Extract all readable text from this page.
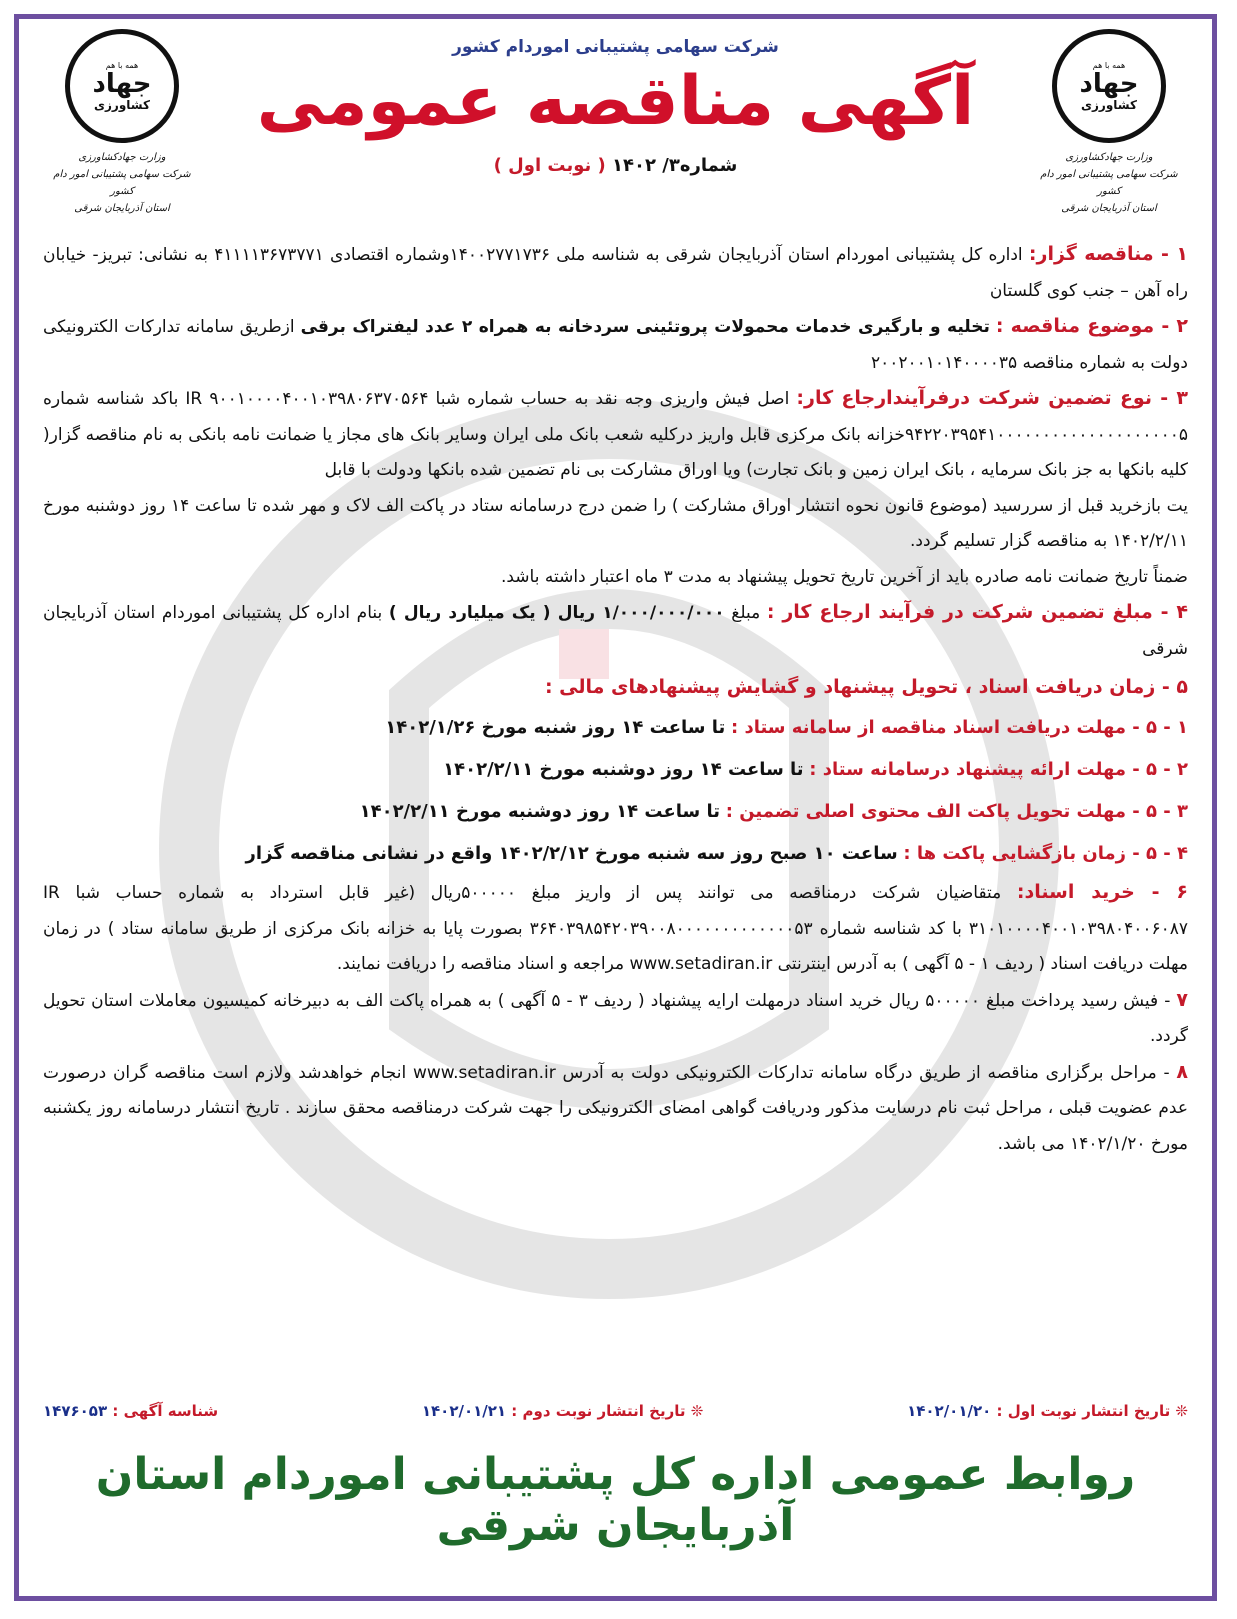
همه با هم
جهاد
کشاورزی
وزارت جهادکشاورزی
شرکت سهامی پشتیبانی امور دام کشور
استان آذربایجان شرقی
همه با هم
جهاد
کشاورزی
وزارت جهادکشاورزی
شرکت سهامی پشتیبانی امور دام کشور
استان آذربایجان شرقی
شرکت سهامی پشتیبانی اموردام کشور
آگهی مناقصه عمومی
شماره۳/ ۱۴۰۲ ( نوبت اول )

۱ - مناقصه گزار: اداره کل پشتیبانی اموردام استان آذربایجان شرقی به شناسه ملی ۱۴۰۰۲۷۷۱۷۳۶وشماره اقتصادی ۴۱۱۱۱۳۶۷۳۷۷۱ به نشانی: تبریز- خیابان راه آهن – جنب کوی گلستان

۲ - موضوع مناقصه : تخلیه و بارگیری خدمات محمولات پروتئینی سردخانه به همراه ۲ عدد لیفتراک برقی ازطریق سامانه تدارکات الکترونیکی دولت به شماره مناقصه ۲۰۰۲۰۰۱۰۱۴۰۰۰۰۳۵

۳ - نوع تضمین شرکت درفرآیندارجاع کار: اصل فیش واریزی وجه نقد به حساب شماره شبا ۹۰۰۱۰۰۰۰۴۰۰۱۰۳۹۸۰۶۳۷۰۵۶۴ IR باکد شناسه شماره ۹۴۲۲۰۳۹۵۴۱۰۰۰۰۰۰۰۰۰۰۰۰۰۰۰۰۰۰۰۰۵خزانه بانک مرکزی قابل واریز درکلیه شعب بانک ملی ایران وسایر بانک های مجاز یا ضمانت نامه بانکی به نام مناقصه گزار( کلیه بانکها به جز بانک سرمایه ، بانک ایران زمین و بانک تجارت) ویا اوراق مشارکت بی نام تضمین شده بانکها ودولت با قابل

یت بازخرید قبل از سررسید (موضوع قانون نحوه انتشار اوراق مشارکت ) را ضمن درج درسامانه ستاد در پاکت الف لاک و مهر شده تا ساعت ۱۴ روز دوشنبه مورخ ۱۴۰۲/۲/۱۱ به مناقصه گزار تسلیم گردد.

ضمناً تاریخ ضمانت نامه صادره باید از آخرین تاریخ تحویل پیشنهاد به مدت ۳ ماه اعتبار داشته باشد.

۴ - مبلغ تضمین شرکت در فرآیند ارجاع کار : مبلغ ۱/۰۰۰/۰۰۰/۰۰۰ ریال ( یک میلیارد ریال ) بنام اداره کل پشتیبانی اموردام استان آذربایجان شرقی

۵ - زمان دریافت اسناد ، تحویل پیشنهاد و گشایش پیشنهادهای مالی :

۱ - ۵ - مهلت دریافت اسناد مناقصه از سامانه ستاد : تا ساعت ۱۴ روز شنبه مورخ ۱۴۰۲/۱/۲۶

۲ - ۵ - مهلت ارائه پیشنهاد درسامانه ستاد : تا ساعت ۱۴ روز دوشنبه مورخ ۱۴۰۲/۲/۱۱

۳ - ۵ - مهلت تحویل پاکت الف محتوی اصلی تضمین : تا ساعت ۱۴ روز دوشنبه مورخ ۱۴۰۲/۲/۱۱

۴ - ۵ - زمان بازگشایی پاکت ها : ساعت ۱۰ صبح روز سه شنبه مورخ ۱۴۰۲/۲/۱۲ واقع در نشانی مناقصه گزار

۶ - خرید اسناد: متقاضیان شرکت درمناقصه می توانند پس از واریز مبلغ ۵۰۰۰۰۰ریال (غیر قابل استرداد به شماره حساب شبا IR ۳۱۰۱۰۰۰۰۴۰۰۱۰۳۹۸۰۴۰۰۶۰۸۷ با کد شناسه شماره ۳۶۴۰۳۹۸۵۴۲۰۳۹۰۰۸۰۰۰۰۰۰۰۰۰۰۰۰۰۵۳ بصورت پایا به خزانه بانک مرکزی از طریق سامانه ستاد ) در زمان مهلت دریافت اسناد ( ردیف ۱ - ۵ آگهی ) به آدرس اینترنتی www.setadiran.ir مراجعه و اسناد مناقصه را دریافت نمایند.

۷ - فیش رسید پرداخت مبلغ ۵۰۰۰۰۰ ریال خرید اسناد درمهلت ارایه پیشنهاد ( ردیف ۳ - ۵ آگهی ) به همراه پاکت الف به دبیرخانه کمیسیون معاملات استان تحویل گردد.

۸ - مراحل برگزاری مناقصه از طریق درگاه سامانه تدارکات الکترونیکی دولت به آدرس www.setadiran.ir انجام خواهدشد ولازم است مناقصه گران درصورت عدم عضویت قبلی ، مراحل ثبت نام درسایت مذکور ودریافت گواهی امضای الکترونیکی را جهت شرکت درمناقصه محقق سازند . تاریخ انتشار درسامانه روز یکشنبه مورخ ۱۴۰۲/۱/۲۰ می باشد.

❊ تاریخ انتشار نوبت اول : ۱۴۰۲/۰۱/۲۰
❊ تاریخ انتشار نوبت دوم : ۱۴۰۲/۰۱/۲۱
شناسه آگهی : ۱۴۷۶۰۵۳
روابط عمومی اداره کل پشتیبانی اموردام استان آذربایجان شرقی
